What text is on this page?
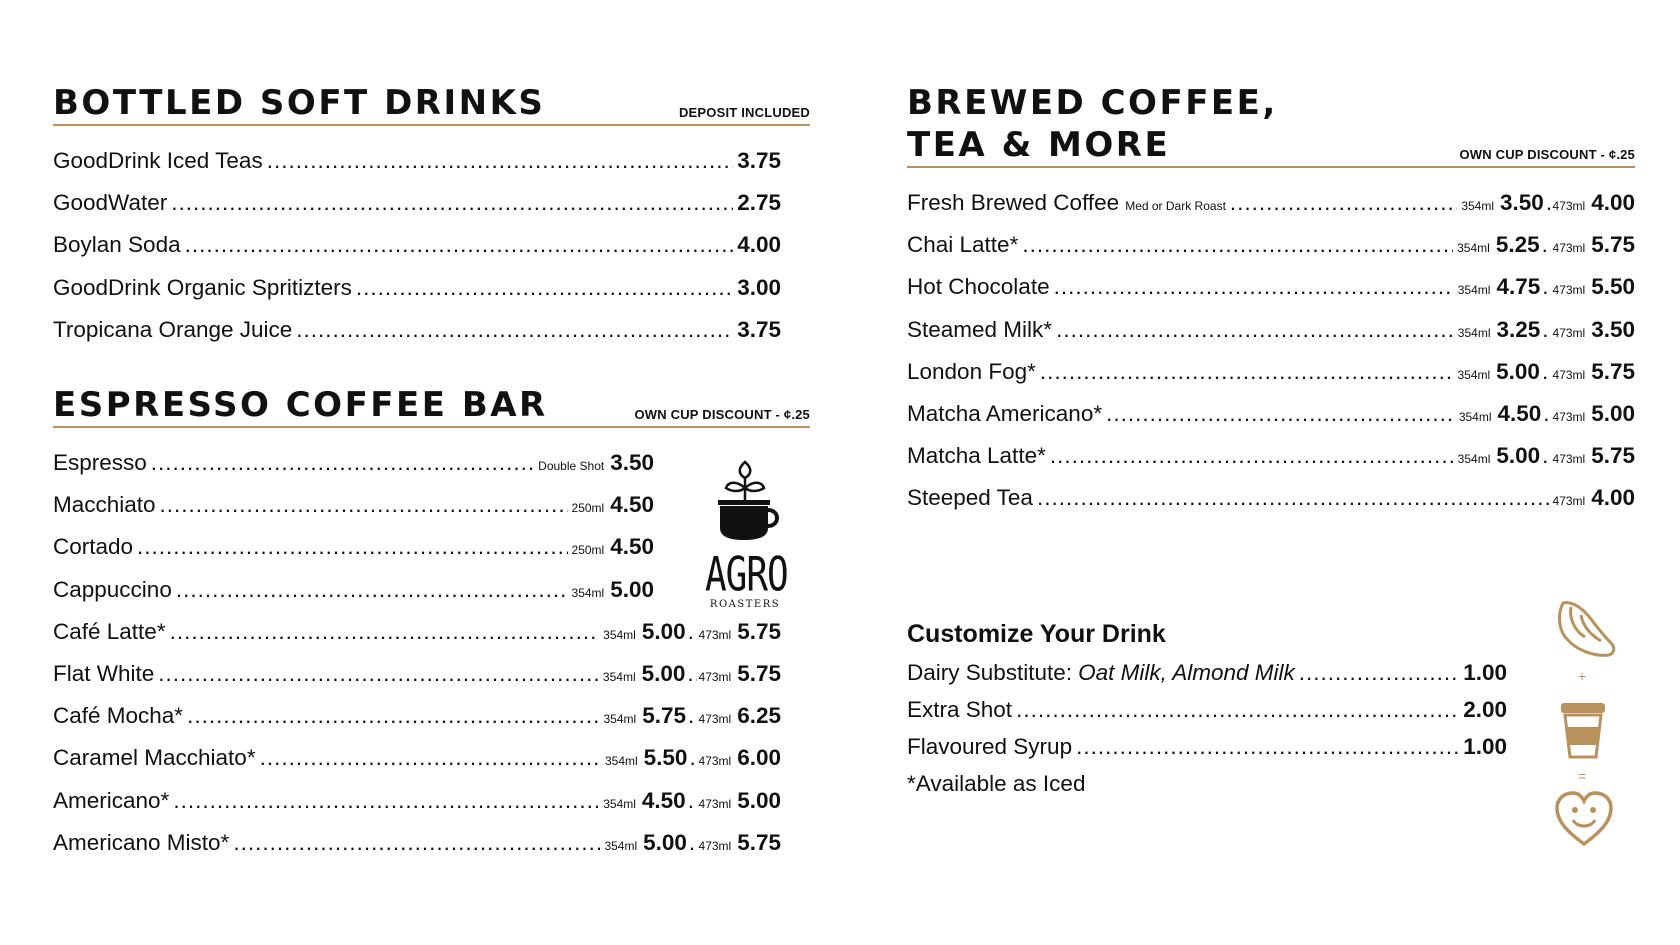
BOTTLED SOFT DRINKS	DEPOSIT INCLUDED
GoodDrink Iced Teas .....	3.75
GoodWater .....	2.75
Boylan Soda .....	4.00
GoodDrink Organic Spritizters .....	3.00
Tropicana Orange Juice .....	3.75
ESPRESSO COFFEE BAR	OWN CUP DISCOUNT - ¢.25
Espresso .....	Double Shot 3.50
Macchiato .....	250ml 4.50
Cortado .....	250ml 4.50
Cappuccino .....	354ml 5.00
Café Latte* .....	354ml 5.00 ..... 473ml 5.75
Flat White .....	354ml 5.00 ..... 473ml 5.75
Café Mocha* .....	354ml 5.75 ..... 473ml 6.25
Caramel Macchiato* .....	354ml 5.50 ..... 473ml 6.00
Americano* .....	354ml 4.50 ..... 473ml 5.00
Americano Misto* .....	354ml 5.00 ..... 473ml 5.75
AGRO
ROASTERS
BREWED COFFEE,
TEA & MORE	OWN CUP DISCOUNT - ¢.25
Fresh Brewed Coffee Med or Dark Roast .....	354ml 3.50 ..... 473ml 4.00
Chai Latte* .....	354ml 5.25 ..... 473ml 5.75
Hot Chocolate .....	354ml 4.75 ..... 473ml 5.50
Steamed Milk* .....	354ml 3.25 ..... 473ml 3.50
London Fog* .....	354ml 5.00 ..... 473ml 5.75
Matcha Americano* .....	354ml 4.50 ..... 473ml 5.00
Matcha Latte* .....	354ml 5.00 ..... 473ml 5.75
Steeped Tea .....	473ml 4.00
Customize Your Drink
Dairy Substitute: Oat Milk, Almond Milk .....	1.00
Extra Shot .....	2.00
Flavoured Syrup .....	1.00
*Available as Iced
+
=
